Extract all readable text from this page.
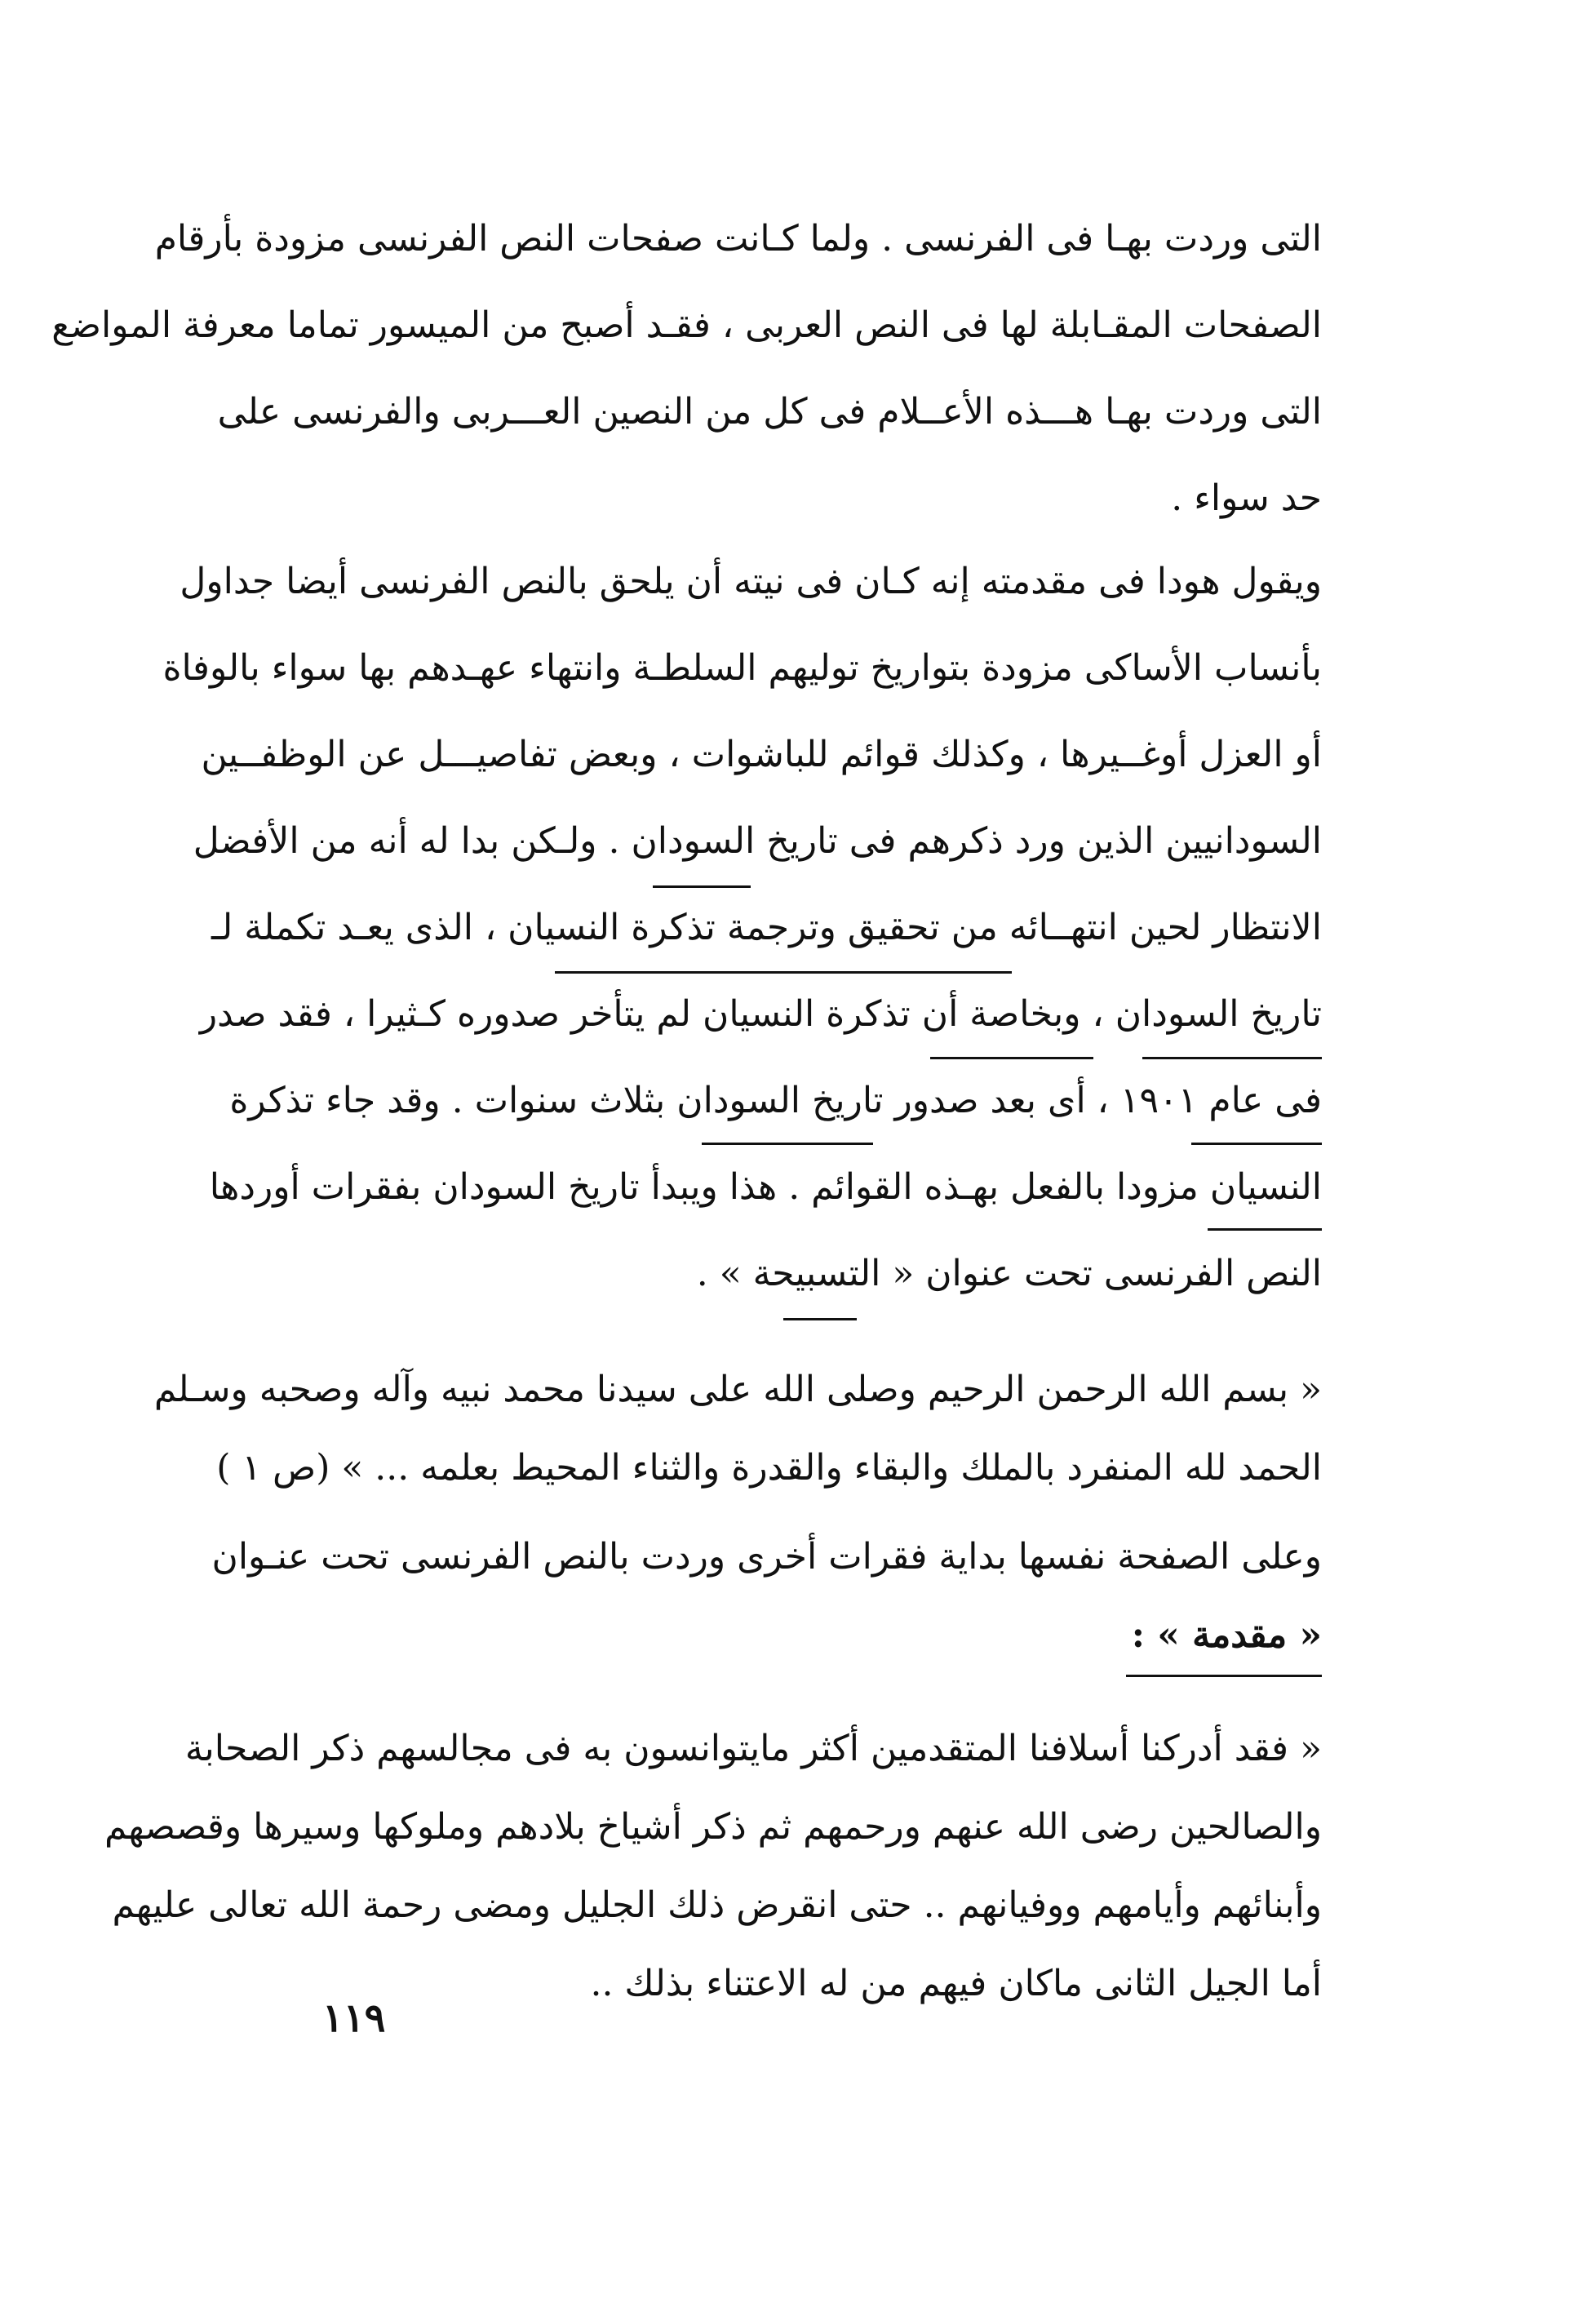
التى وردت بهـا فى الفرنسى . ولما كـانت صفحات النص الفرنسى مزودة بأرقام
الصفحات المقـابلة لها فى النص العربى ، فقـد أصبح من الميسور تماما معرفة المواضع
التى وردت بهـا هـــذه الأعــلام فى كل من النصين العـــربى والفرنسى على
حد سواء .
ويقول هودا فى مقدمته إنه كـان فى نيته أن يلحق بالنص الفرنسى أيضا جداول
بأنساب الأساكى مزودة بتواريخ توليهم السلطـة وانتهاء عهـدهم بها سواء بالوفاة
أو العزل أوغــيرها ، وكذلك قوائم للباشوات ، وبعض تفاصيـــل عن الوظفــين
السودانيين الذين ورد ذكرهم فى تاريخ السودان . ولـكن بدا له أنه من الأفضل
الانتظار لحين انتهــائه من تحقيق وترجمة تذكرة النسيان ، الذى يعـد تكملة لـ
تاريخ السودان ، وبخاصة أن تذكرة النسيان لم يتأخر صدوره كـثيرا ، فقد صدر
فى عام ١٩٠١ ، أى بعد صدور تاريخ السودان بثلاث سنوات . وقد جاء تذكرة
النسيان مزودا بالفعل بهـذه القوائم . هذا ويبدأ تاريخ السودان بفقرات أوردها
النص الفرنسى تحت عنوان « التسبيحة » .
« بسم الله الرحمن الرحيم وصلى الله على سيدنا محمد نبيه وآله وصحبه وسـلم
الحمد لله المنفرد بالملك والبقاء والقدرة والثناء المحيط بعلمه ... » (ص ١ )
وعلى الصفحة نفسها بداية فقرات أخرى وردت بالنص الفرنسى تحت عنـوان
« مقدمة » :
« فقد أدركنا أسلافنا المتقدمين أكثر مايتوانسون به فى مجالسهم ذكر الصحابة
والصالحين رضى الله عنهم ورحمهم ثم ذكر أشياخ بلادهم وملوكها وسيرها وقصصهم
وأبنائهم وأيامهم ووفيانهم .. حتى انقرض ذلك الجليل ومضى رحمة الله تعالى عليهم
أما الجيل الثانى ماكان فيهم من له الاعتناء بذلك ..
١١٩
